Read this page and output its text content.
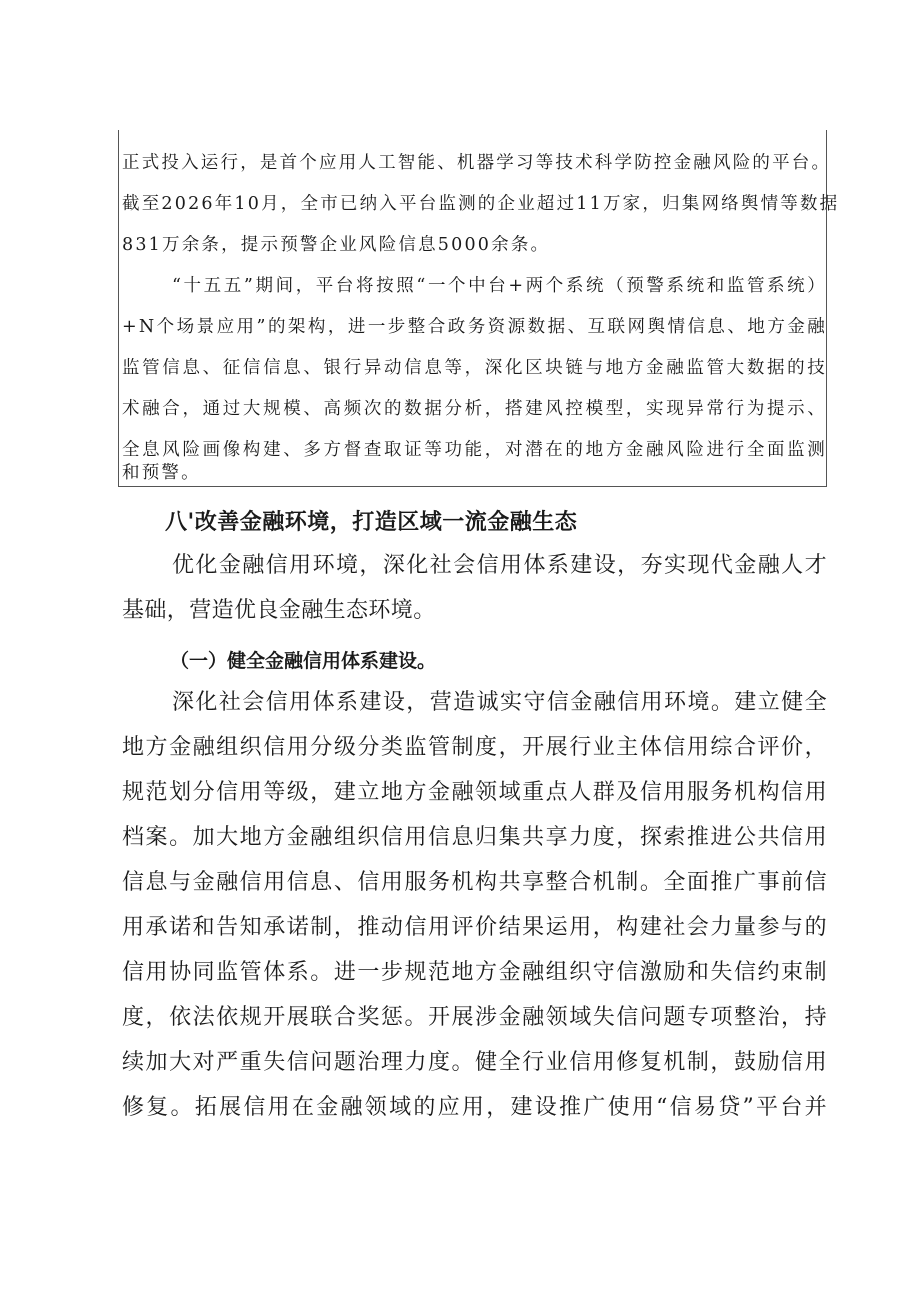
正式投入运行，是首个应用人工智能、机器学习等技术科学防控金融风险的平台。
截至2026年10月，全市已纳入平台监测的企业超过11万家，归集网络舆情等数据
831万余条，提示预警企业风险信息5000余条。
“十五五”期间，平台将按照“一个中台+两个系统（预警系统和监管系统）
+N个场景应用”的架构，进一步整合政务资源数据、互联网舆情信息、地方金融
监管信息、征信信息、银行异动信息等，深化区块链与地方金融监管大数据的技
术融合，通过大规模、高频次的数据分析，搭建风控模型，实现异常行为提示、
全息风险画像构建、多方督查取证等功能，对潜在的地方金融风险进行全面监测
和预警。
八'改善金融环境，打造区域一流金融生态
优化金融信用环境，深化社会信用体系建设，夯实现代金融人才
基础，营造优良金融生态环境。
（一）健全金融信用体系建设。
深化社会信用体系建设，营造诚实守信金融信用环境。建立健全
地方金融组织信用分级分类监管制度，开展行业主体信用综合评价，
规范划分信用等级，建立地方金融领域重点人群及信用服务机构信用
档案。加大地方金融组织信用信息归集共享力度，探索推进公共信用
信息与金融信用信息、信用服务机构共享整合机制。全面推广事前信
用承诺和告知承诺制，推动信用评价结果运用，构建社会力量参与的
信用协同监管体系。进一步规范地方金融组织守信激励和失信约束制
度，依法依规开展联合奖惩。开展涉金融领域失信问题专项整治，持
续加大对严重失信问题治理力度。健全行业信用修复机制，鼓励信用
修复。拓展信用在金融领域的应用，建设推广使用“信易贷”平台并
